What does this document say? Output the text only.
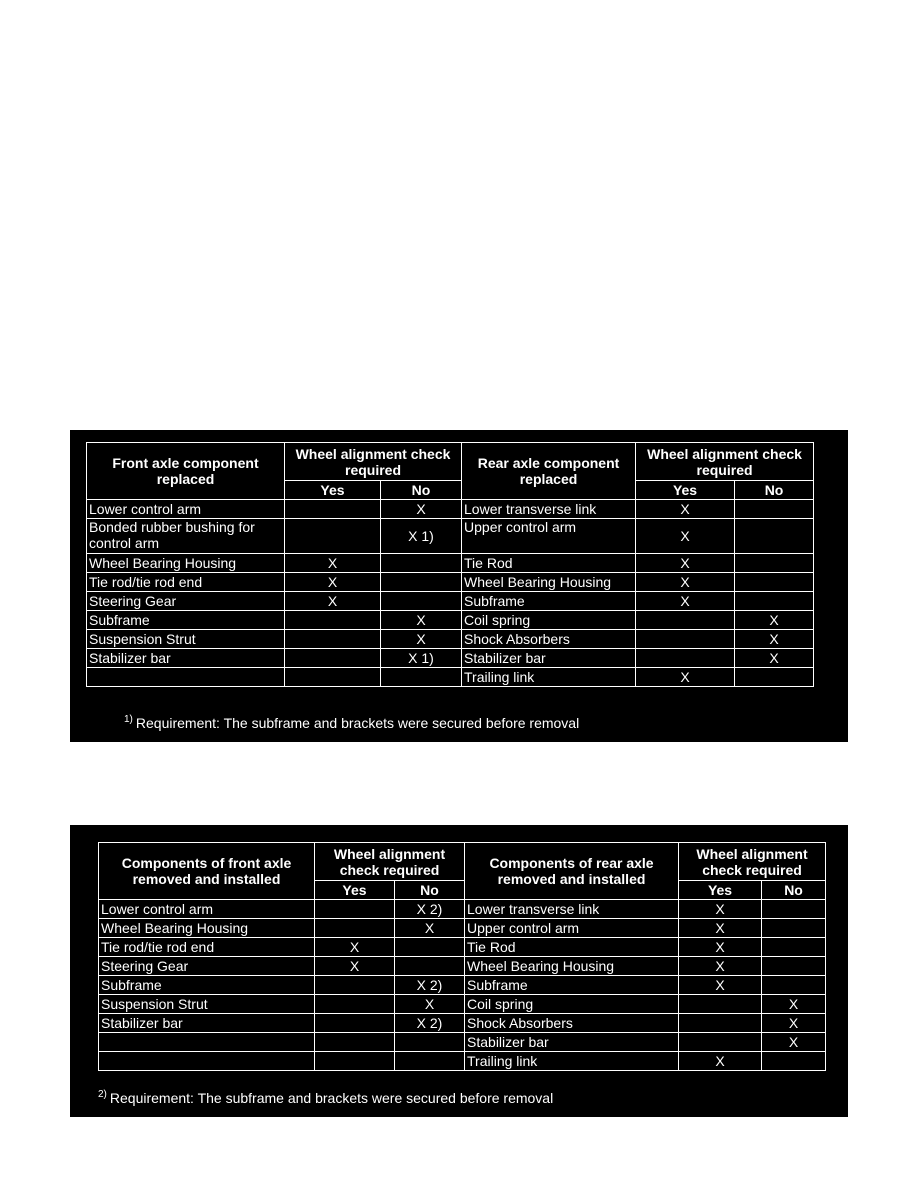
Front axle component replaced	Wheel alignment check required		Rear axle component replaced	Wheel alignment check required	
	Yes	No		Yes	No
Lower control arm		X	Lower transverse link	X	
Bonded rubber bushing for control arm		X 1)	Upper control arm	X	
Wheel Bearing Housing	X		Tie Rod	X	
Tie rod/tie rod end	X		Wheel Bearing Housing	X	
Steering Gear	X		Subframe	X	
Subframe		X	Coil spring		X
Suspension Strut		X	Shock Absorbers		X
Stabilizer bar		X 1)	Stabilizer bar		X
			Trailing link	X	
$^{1)}$ Requirement: The subframe and brackets were secured before removal
Components of front axle removed and installed	Wheel alignment check required		Components of rear axle removed and installed	Wheel alignment check required	
	Yes	No		Yes	No
Lower control arm		X 2)	Lower transverse link	X	
Wheel Bearing Housing		X	Upper control arm	X	
Tie rod/tie rod end	X		Tie Rod	X	
Steering Gear	X		Wheel Bearing Housing	X	
Subframe		X 2)	Subframe	X	
Suspension Strut		X	Coil spring		X
Stabilizer bar		X 2)	Shock Absorbers		X
			Stabilizer bar		X
			Trailing link	X	
$^{2)}$ Requirement: The subframe and brackets were secured before removal
